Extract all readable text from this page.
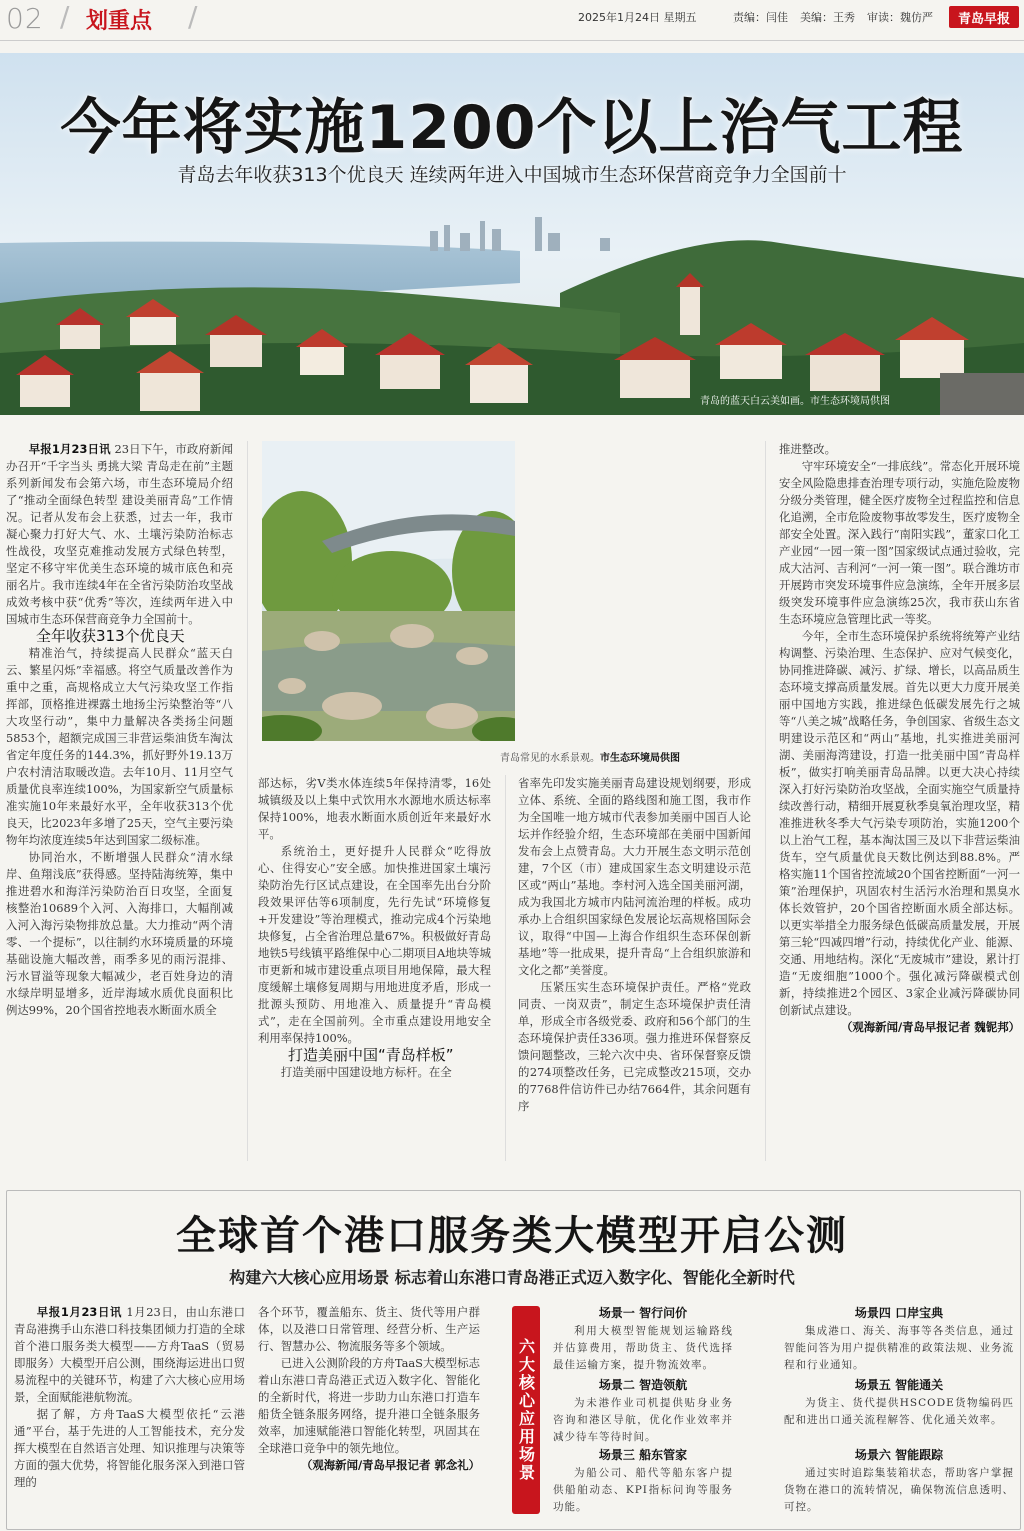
02 / 划重点 /	2025年1月24日 星期五	责编：闫佳 美编：王秀 审读：魏仿严	青岛早报
今年将实施1200个以上治气工程
青岛去年收获313个优良天 连续两年进入中国城市生态环保营商竞争力全国前十
青岛的蓝天白云美如画。市生态环境局供图

早报1月23日讯 23日下午，市政府新闻办召开“千字当头 勇挑大梁 青岛走在前”主题系列新闻发布会第六场，市生态环境局介绍了“推动全面绿色转型 建设美丽青岛”工作情况。记者从发布会上获悉，过去一年，我市凝心聚力打好大气、水、土壤污染防治标志性战役，攻坚克难推动发展方式绿色转型，坚定不移守牢优美生态环境的城市底色和亮丽名片。我市连续4年在全省污染防治攻坚战成效考核中获“优秀”等次，连续两年进入中国城市生态环保营商竞争力全国前十。

全年收获313个优良天

精准治气，持续提高人民群众“蓝天白云、繁星闪烁”幸福感。将空气质量改善作为重中之重，高规格成立大气污染攻坚工作指挥部，顶格推进裸露土地扬尘污染整治等“八大攻坚行动”，集中力量解决各类扬尘问题5853个，超额完成国三非营运柴油货车淘汰省定年度任务的144.3%，抓好野外19.13万户农村清洁取暖改造。去年10月、11月空气质量优良率连续100%，为国家新空气质量标准实施10年来最好水平，全年收获313个优良天，比2023年多增了25天，空气主要污染物年均浓度连续5年达到国家二级标准。

协同治水，不断增强人民群众“清水绿岸、鱼翔浅底”获得感。坚持陆海统筹，集中推进碧水和海洋污染防治百日攻坚，全面复核整治10689个入河、入海排口，大幅削减入河入海污染物排放总量。大力推动“两个清零、一个提标”，以往制约水环境质量的环境基础设施大幅改善，雨季多见的雨污混排、污水冒溢等现象大幅减少，老百姓身边的清水绿岸明显增多，近岸海域水质优良面积比例达99%，20个国省控地表水断面水质全

青岛常见的水系景观。市生态环境局供图

部达标，劣V类水体连续5年保持清零，16处城镇级及以上集中式饮用水水源地水质达标率保持100%，地表水断面水质创近年来最好水平。

系统治土，更好提升人民群众“吃得放心、住得安心”安全感。加快推进国家土壤污染防治先行区试点建设，在全国率先出台分阶段效果评估等6项制度，先行先试“环境修复+开发建设”等治理模式，推动完成4个污染地块修复，占全省治理总量67%。积极做好青岛地铁5号线镇平路维保中心二期项目A地块等城市更新和城市建设重点项目用地保障，最大程度缓解土壤修复周期与用地进度矛盾，形成一批源头预防、用地准入、质量提升“青岛模式”，走在全国前列。全市重点建设用地安全利用率保持100%。

打造美丽中国“青岛样板”

打造美丽中国建设地方标杆。在全

省率先印发实施美丽青岛建设规划纲要，形成立体、系统、全面的路线图和施工图，我市作为全国唯一地方城市代表参加美丽中国百人论坛并作经验介绍，生态环境部在美丽中国新闻发布会上点赞青岛。大力开展生态文明示范创建，7个区（市）建成国家生态文明建设示范区或“两山”基地。李村河入选全国美丽河湖，成为我国北方城市内陆河流治理的样板。成功承办上合组织国家绿色发展论坛高规格国际会议，取得“中国—上海合作组织生态环保创新基地”等一批成果，提升青岛“上合组织旅游和文化之都”美誉度。

压紧压实生态环境保护责任。严格“党政同责、一岗双责”，制定生态环境保护责任清单，形成全市各级党委、政府和56个部门的生态环境保护责任336项。强力推进环保督察反馈问题整改，三轮六次中央、省环保督察反馈的274项整改任务，已完成整改215项，交办的7768件信访件已办结7664件，其余问题有序

推进整改。

守牢环境安全“一排底线”。常态化开展环境安全风险隐患排查治理专项行动，实施危险废物分级分类管理，健全医疗废物全过程监控和信息化追溯，全市危险废物事故零发生，医疗废物全部安全处置。深入践行“南阳实践”，董家口化工产业园“一园一策一图”国家级试点通过验收，完成大沽河、吉利河“一河一策一图”。联合潍坊市开展跨市突发环境事件应急演练，全年开展多层级突发环境事件应急演练25次，我市获山东省生态环境应急管理比武一等奖。

今年，全市生态环境保护系统将统筹产业结构调整、污染治理、生态保护、应对气候变化，协同推进降碳、减污、扩绿、增长，以高品质生态环境支撑高质量发展。首先以更大力度开展美丽中国地方实践，推进绿色低碳发展先行之城等“八美之城”战略任务，争创国家、省级生态文明建设示范区和“两山”基地，扎实推进美丽河湖、美丽海湾建设，打造一批美丽中国“青岛样板”，做实打响美丽青岛品牌。以更大决心持续深入打好污染防治攻坚战，全面实施空气质量持续改善行动，精细开展夏秋季臭氧治理攻坚，精准推进秋冬季大气污染专项防治，实施1200个以上治气工程，基本淘汰国三及以下非营运柴油货车，空气质量优良天数比例达到88.8%。严格实施11个国省控流域20个国省控断面“一河一策”治理保护，巩固农村生活污水治理和黑臭水体长效管护，20个国省控断面水质全部达标。以更实举措全力服务绿色低碳高质量发展，开展第三轮“四减四增”行动，持续优化产业、能源、交通、用地结构。深化“无废城市”建设，累计打造“无废细胞”1000个。强化减污降碳模式创新，持续推进2个园区、3家企业减污降碳协同创新试点建设。

（观海新闻/青岛早报记者 魏铌邦）

全球首个港口服务类大模型开启公测
构建六大核心应用场景 标志着山东港口青岛港正式迈入数字化、智能化全新时代

早报1月23日讯 1月23日，由山东港口青岛港携手山东港口科技集团倾力打造的全球首个港口服务类大模型——方舟TaaS（贸易即服务）大模型开启公测，围绕海运进出口贸易流程中的关键环节，构建了六大核心应用场景，全面赋能港航物流。

据了解，方舟TaaS大模型依托“云港通”平台，基于先进的人工智能技术，充分发挥大模型在自然语言处理、知识推理与决策等方面的强大优势，将智能化服务深入到港口管理的

各个环节，覆盖船东、货主、货代等用户群体，以及港口日常管理、经营分析、生产运行、智慧办公、物流服务等多个领域。

已进入公测阶段的方舟TaaS大模型标志着山东港口青岛港正式迈入数字化、智能化的全新时代，将进一步助力山东港口打造车船货全链条服务网络，提升港口全链条服务效率，加速赋能港口智能化转型，巩固其在全球港口竞争中的领先地位。

（观海新闻/青岛早报记者 郭念礼） 六大核心应用场景
场景一 智行问价
利用大模型智能规划运输路线并估算费用，帮助货主、货代选择最佳运输方案，提升物流效率。
场景二 智造领航
为未港作业司机提供贴身业务咨询和港区导航，优化作业效率并减少待车等待时间。
场景三 船东管家
为船公司、船代等船东客户提供船舶动态、KPI指标问询等服务功能。
场景四 口岸宝典
集成港口、海关、海事等各类信息，通过智能问答为用户提供精准的政策法规、业务流程和行业通知。
场景五 智能通关
为货主、货代提供HSCODE货物编码匹配和进出口通关流程解答、优化通关效率。
场景六 智能跟踪
通过实时追踪集装箱状态，帮助客户掌握货物在港口的流转情况，确保物流信息透明、可控。
